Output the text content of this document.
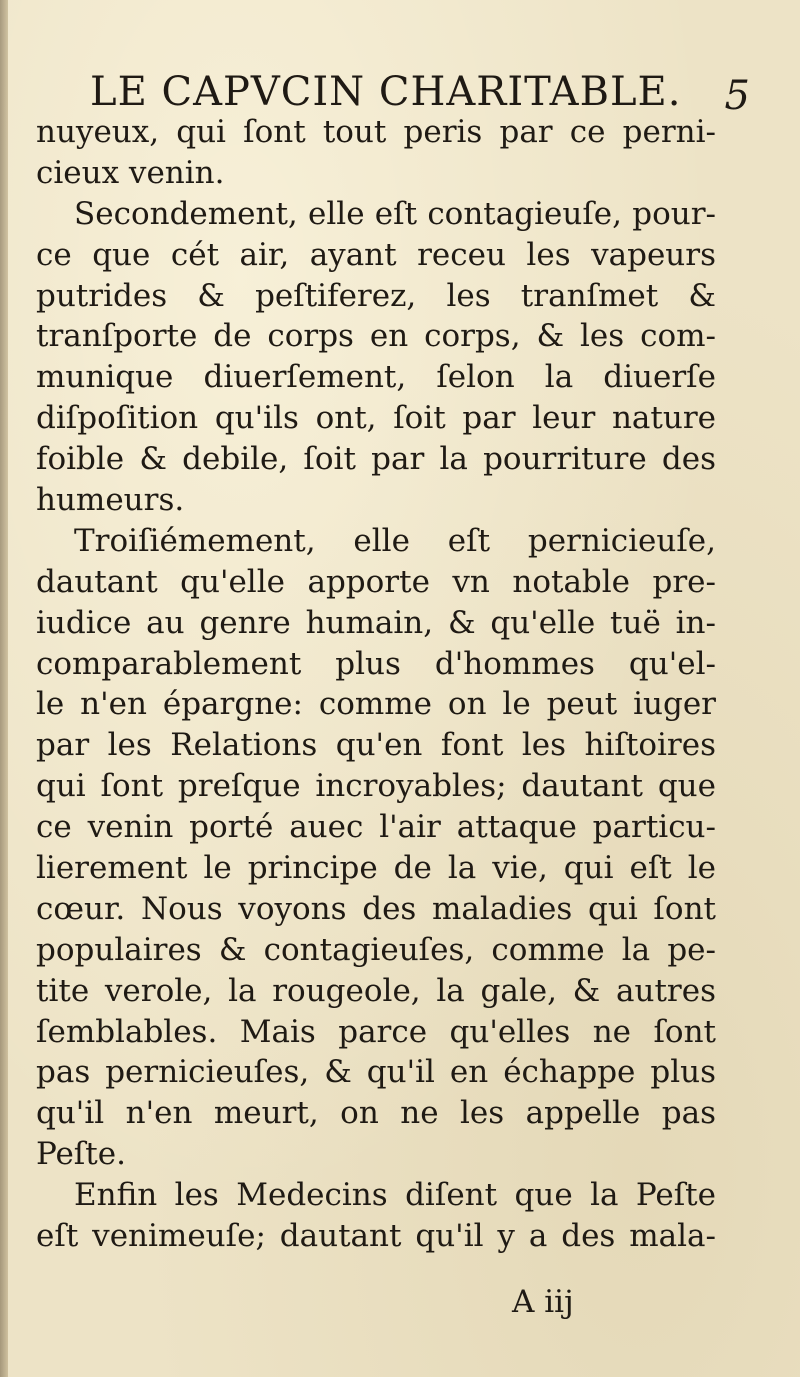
LE CAPVCIN CHARITABLE. 5
nuyeux, qui ſont tout peris par ce perni-
cieux venin.
Secondement, elle eſt contagieuſe, pour-
ce que cét air, ayant receu les vapeurs
putrides & peſtiferez, les tranſmet &
tranſporte de corps en corps, & les com-
munique diuerſement, ſelon la diuerſe
diſpoſition qu'ils ont, ſoit par leur nature
foible & debile, ſoit par la pourriture des
humeurs.
Troiſiémement, elle eſt pernicieuſe,
dautant qu'elle apporte vn notable pre-
iudice au genre humain, & qu'elle tuë in-
comparablement plus d'hommes qu'el-
le n'en épargne: comme on le peut iuger
par les Relations qu'en font les hiſtoires
qui ſont preſque incroyables; dautant que
ce venin porté auec l'air attaque particu-
lierement le principe de la vie, qui eſt le
cœur. Nous voyons des maladies qui ſont
populaires & contagieuſes, comme la pe-
tite verole, la rougeole, la gale, & autres
ſemblables. Mais parce qu'elles ne ſont
pas pernicieuſes, & qu'il en échappe plus
qu'il n'en meurt, on ne les appelle pas
Peſte.
Enfin les Medecins diſent que la Peſte
eſt venimeuſe; dautant qu'il y a des mala-
A iij
